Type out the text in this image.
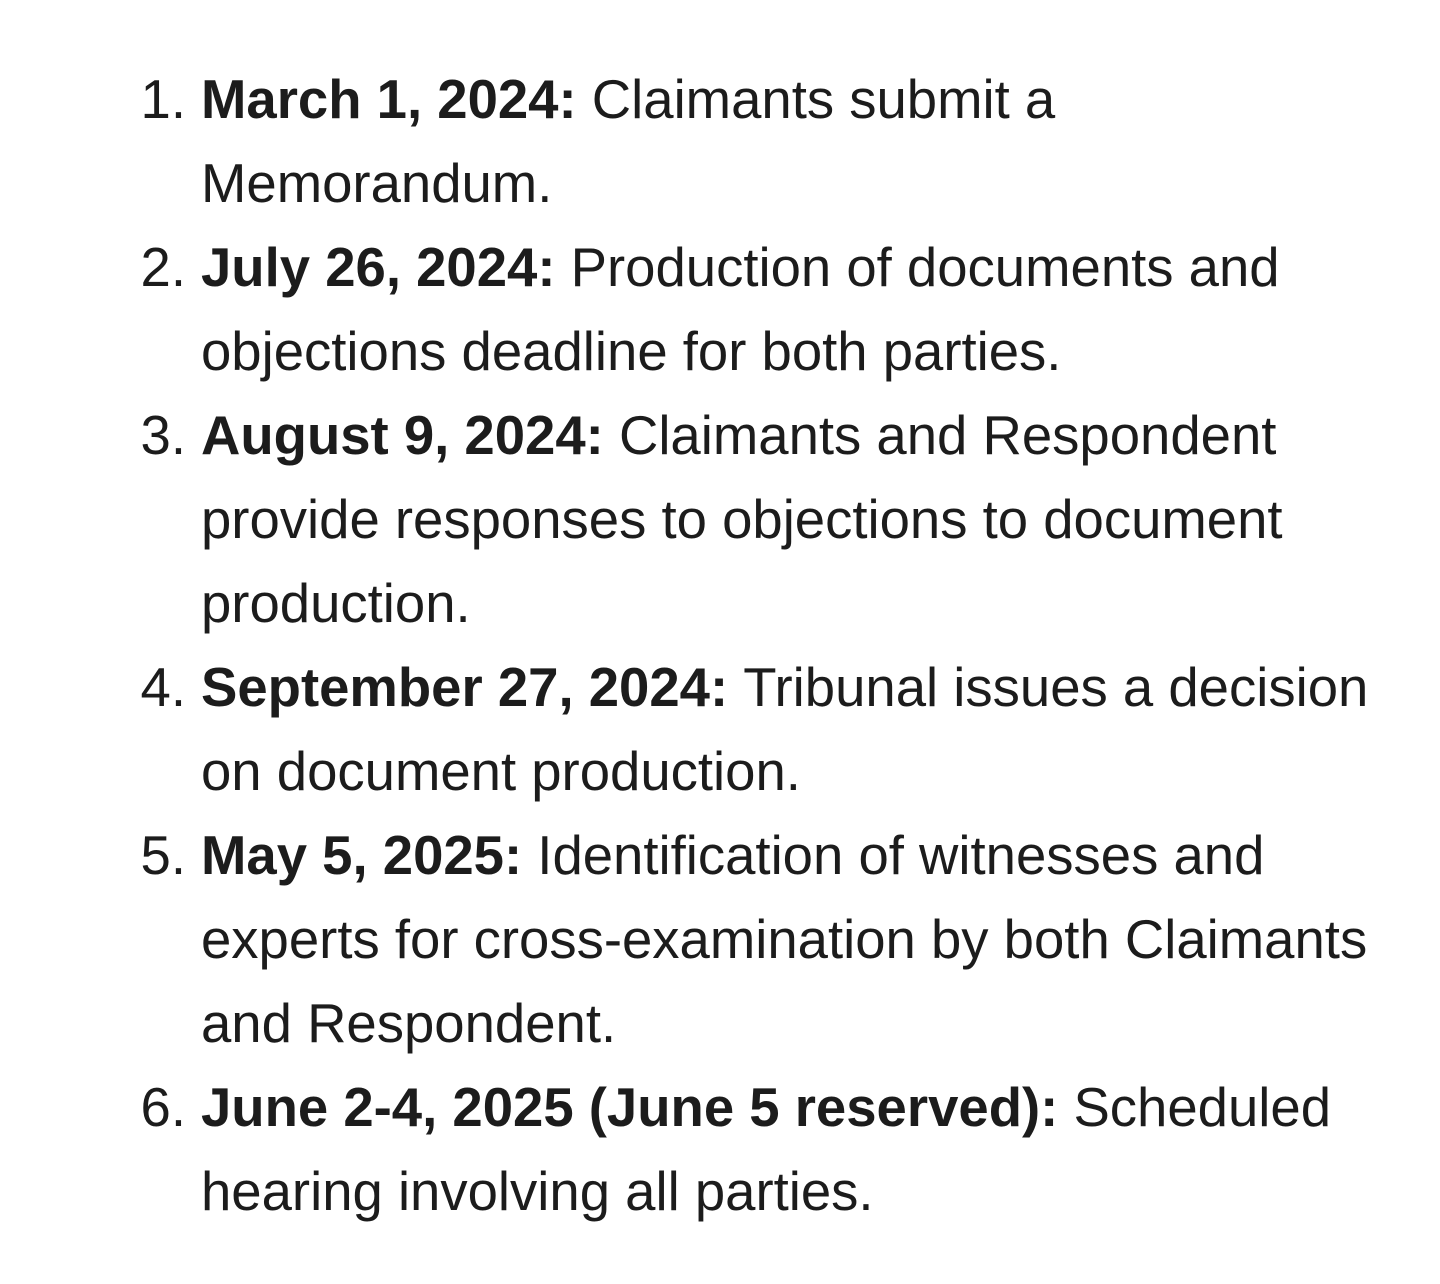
1. March 1, 2024: Claimants submit a Memorandum.
2. July 26, 2024: Production of documents and objections deadline for both parties.
3. August 9, 2024: Claimants and Respondent provide responses to objections to document production.
4. September 27, 2024: Tribunal issues a decision on document production.
5. May 5, 2025: Identification of witnesses and experts for cross-examination by both Claimants and Respondent.
6. June 2-4, 2025 (June 5 reserved): Scheduled hearing involving all parties.
